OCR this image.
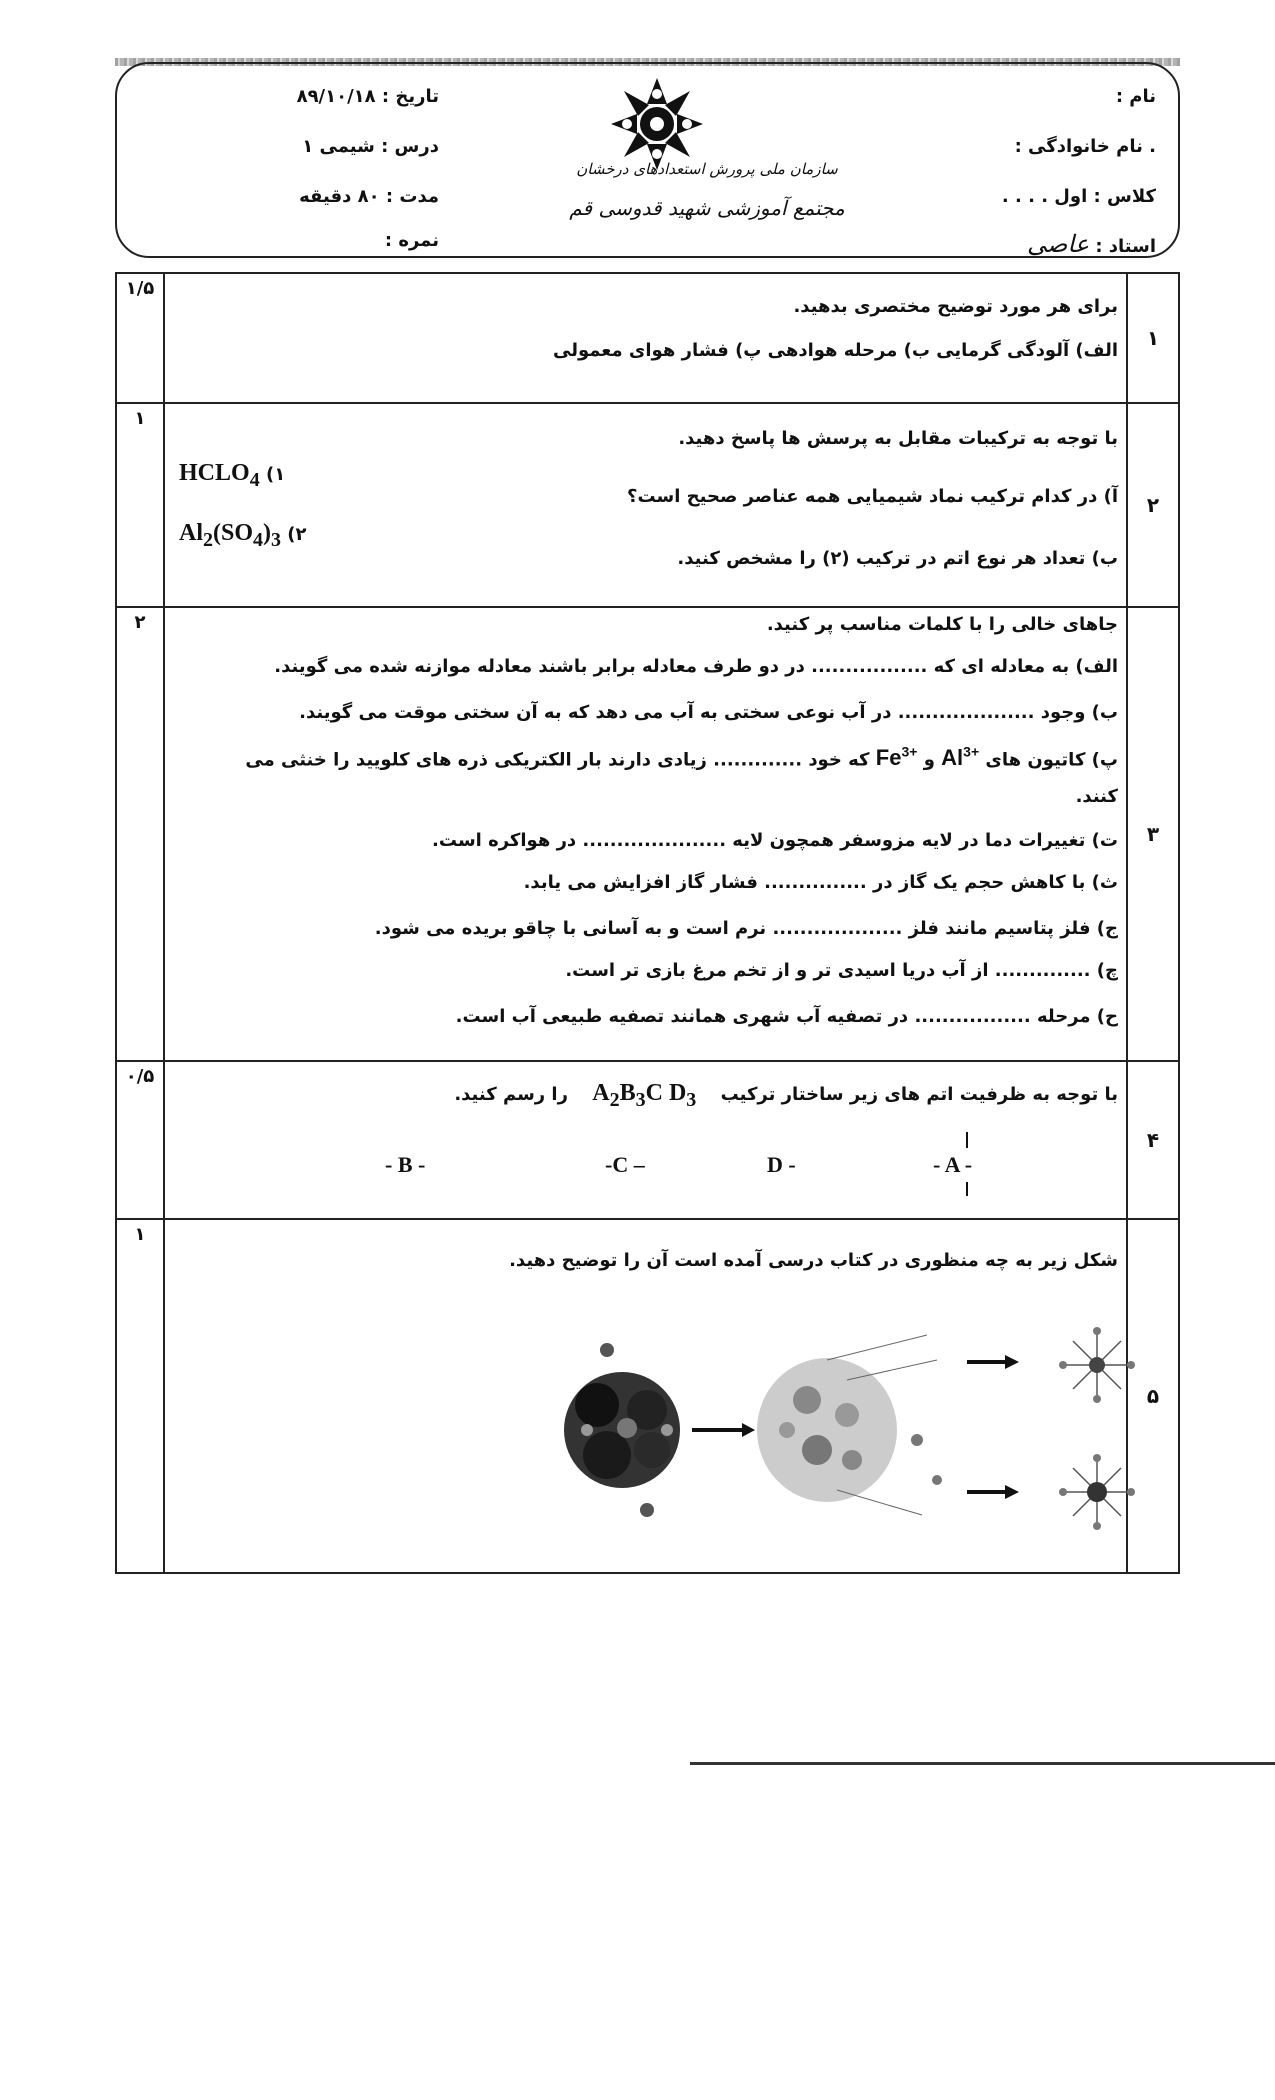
نام :
. نام خانوادگی :
کلاس : اول . . . .
استاد : عاصی
سازمان ملی پرورش استعدادهای درخشان
مجتمع آموزشی شهید قدوسی قم
تاریخ : ۸۹/۱۰/۱۸
درس : شیمی ۱
مدت : ۸۰ دقیقه
نمره :
۱
۱/۵
برای هر مورد توضیح مختصری بدهید.
الف) آلودگی گرمایی ب) مرحله هوادهی پ) فشار هوای معمولی
۲
۱
با توجه به ترکیبات مقابل به پرسش ها پاسخ دهید.
آ) در کدام ترکیب نماد شیمیایی همه عناصر صحیح است؟
ب) تعداد هر نوع اتم در ترکیب (۲) را مشخص کنید.
۱) $HCLO_4$
۲) $Al_2(SO_4)_3$
۳
۲	جاهای خالی را با کلمات مناسب پر کنید.
الف) به معادله ای که ................. در دو طرف معادله برابر باشند معادله موازنه شده می گویند.
ب) وجود .................... در آب نوعی سختی به آب می دهد که به آن سختی موقت می گویند.
پ) کاتیون های $Al^{3+}$ و $Fe^{3+}$ که خود ............. زیادی دارند بار الکتریکی ذره های کلویید را خنثی می
کنند.
ت) تغییرات دما در لایه مزوسفر همچون لایه ..................... در هواکره است.
ث) با کاهش حجم یک گاز در ............... فشار گاز افزایش می یابد.
ج) فلز پتاسیم مانند فلز ................... نرم است و به آسانی با چاقو بریده می شود.
چ) .............. از آب دریا اسیدی تر و از تخم مرغ بازی تر است.
ح) مرحله ................. در تصفیه آب شهری همانند تصفیه طبیعی آب است.
۴
۰/۵
با توجه به ظرفیت اتم های زیر ساختار ترکیب $A_2B_3C$ $D_3$ را رسم کنید.
- B -	-C –	D -	- A -
۵
۱
شکل زیر به چه منظوری در کتاب درسی آمده است آن را توضیح دهید.
